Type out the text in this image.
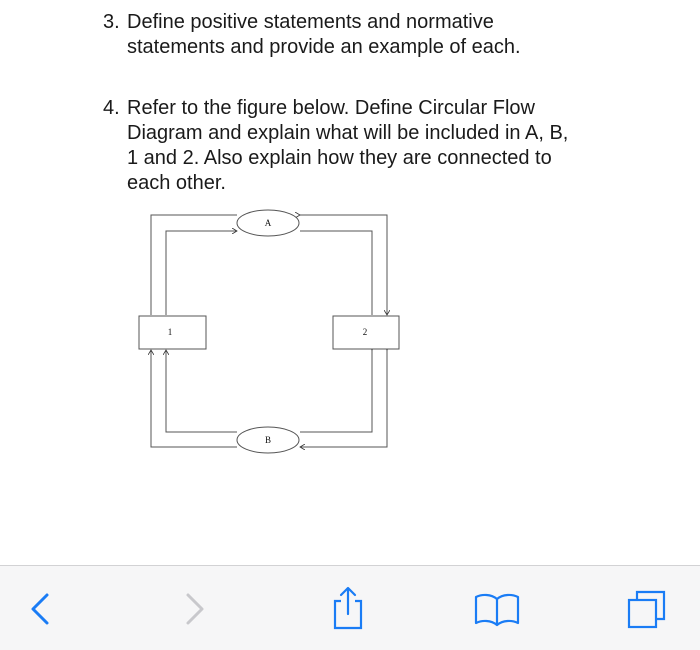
3. Define positive statements and normative
statements and provide an example of each.
4. Refer to the figure below. Define Circular Flow
Diagram and explain what will be included in A, B,
1 and 2. Also explain how they are connected to
each other.
A
B
1	2
